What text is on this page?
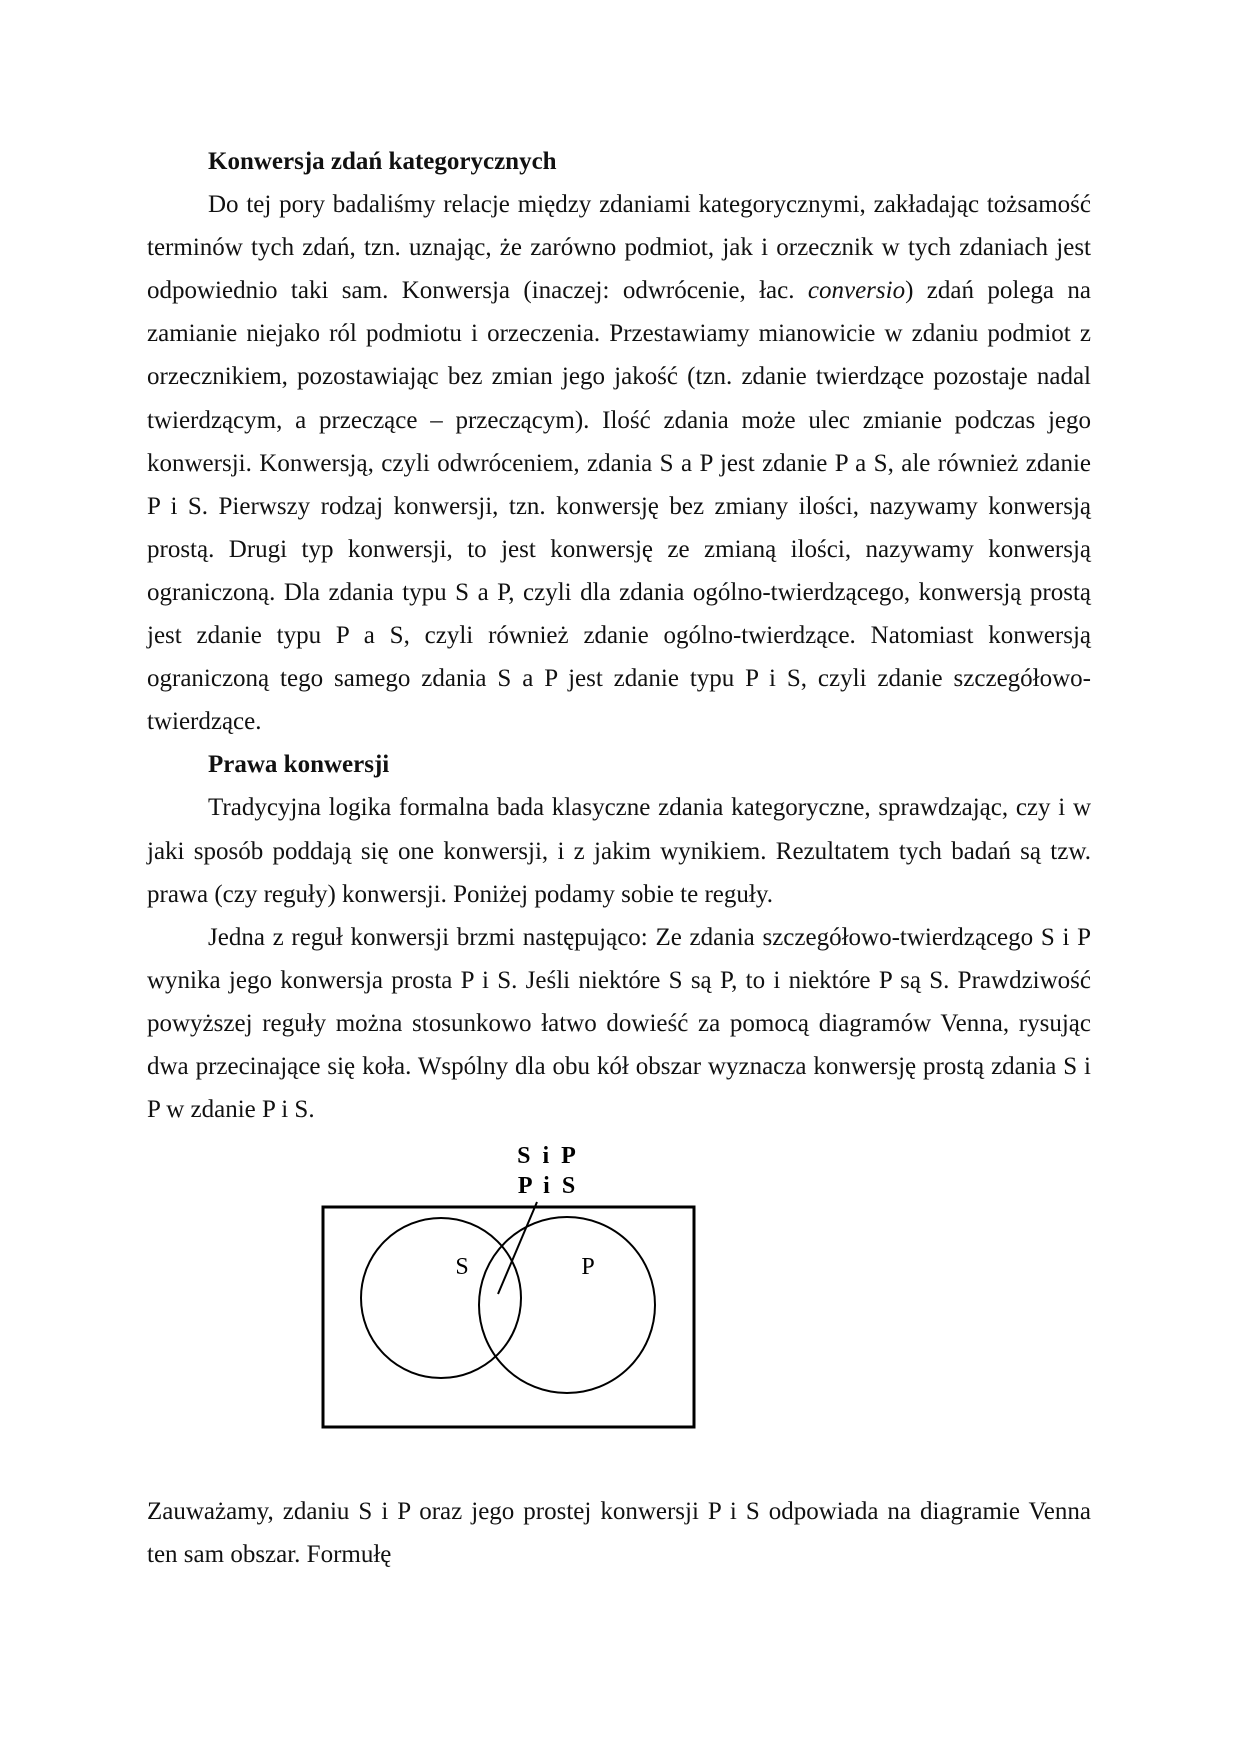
Konwersja zdań kategorycznych
Do tej pory badaliśmy relacje między zdaniami kategorycznymi, zakładając tożsamość
terminów tych zdań, tzn. uznając, że zarówno podmiot, jak i orzecznik w tych zdaniach jest
odpowiednio taki sam. Konwersja (inaczej: odwrócenie, łac. conversio) zdań polega na
zamianie niejako ról podmiotu i orzeczenia. Przestawiamy mianowicie w zdaniu podmiot z
orzecznikiem, pozostawiając bez zmian jego jakość (tzn. zdanie twierdzące pozostaje nadal
twierdzącym, a przeczące – przeczącym). Ilość zdania może ulec zmianie podczas jego
konwersji. Konwersją, czyli odwróceniem, zdania S a P jest zdanie P a S, ale również zdanie
P i S. Pierwszy rodzaj konwersji, tzn. konwersję bez zmiany ilości, nazywamy konwersją
prostą. Drugi typ konwersji, to jest konwersję ze zmianą ilości, nazywamy konwersją
ograniczoną. Dla zdania typu S a P, czyli dla zdania ogólno-twierdzącego, konwersją prostą
jest zdanie typu P a S, czyli również zdanie ogólno-twierdzące. Natomiast konwersją
ograniczoną tego samego zdania S a P jest zdanie typu P i S, czyli zdanie szczegółowo-
twierdzące.
Prawa konwersji
Tradycyjna logika formalna bada klasyczne zdania kategoryczne, sprawdzając, czy i w
jaki sposób poddają się one konwersji, i z jakim wynikiem. Rezultatem tych badań są tzw.
prawa (czy reguły) konwersji. Poniżej podamy sobie te reguły.
Jedna z reguł konwersji brzmi następująco: Ze zdania szczegółowo-twierdzącego S i P
wynika jego konwersja prosta P i S. Jeśli niektóre S są P, to i niektóre P są S. Prawdziwość
powyższej reguły można stosunkowo łatwo dowieść za pomocą diagramów Venna, rysując
dwa przecinające się koła. Wspólny dla obu kół obszar wyznacza konwersję prostą zdania S i
P w zdanie P i S.
S i P
P i S
S	P
Zauważamy, zdaniu S i P oraz jego prostej konwersji P i S odpowiada na diagramie Venna
ten sam obszar. Formułę
